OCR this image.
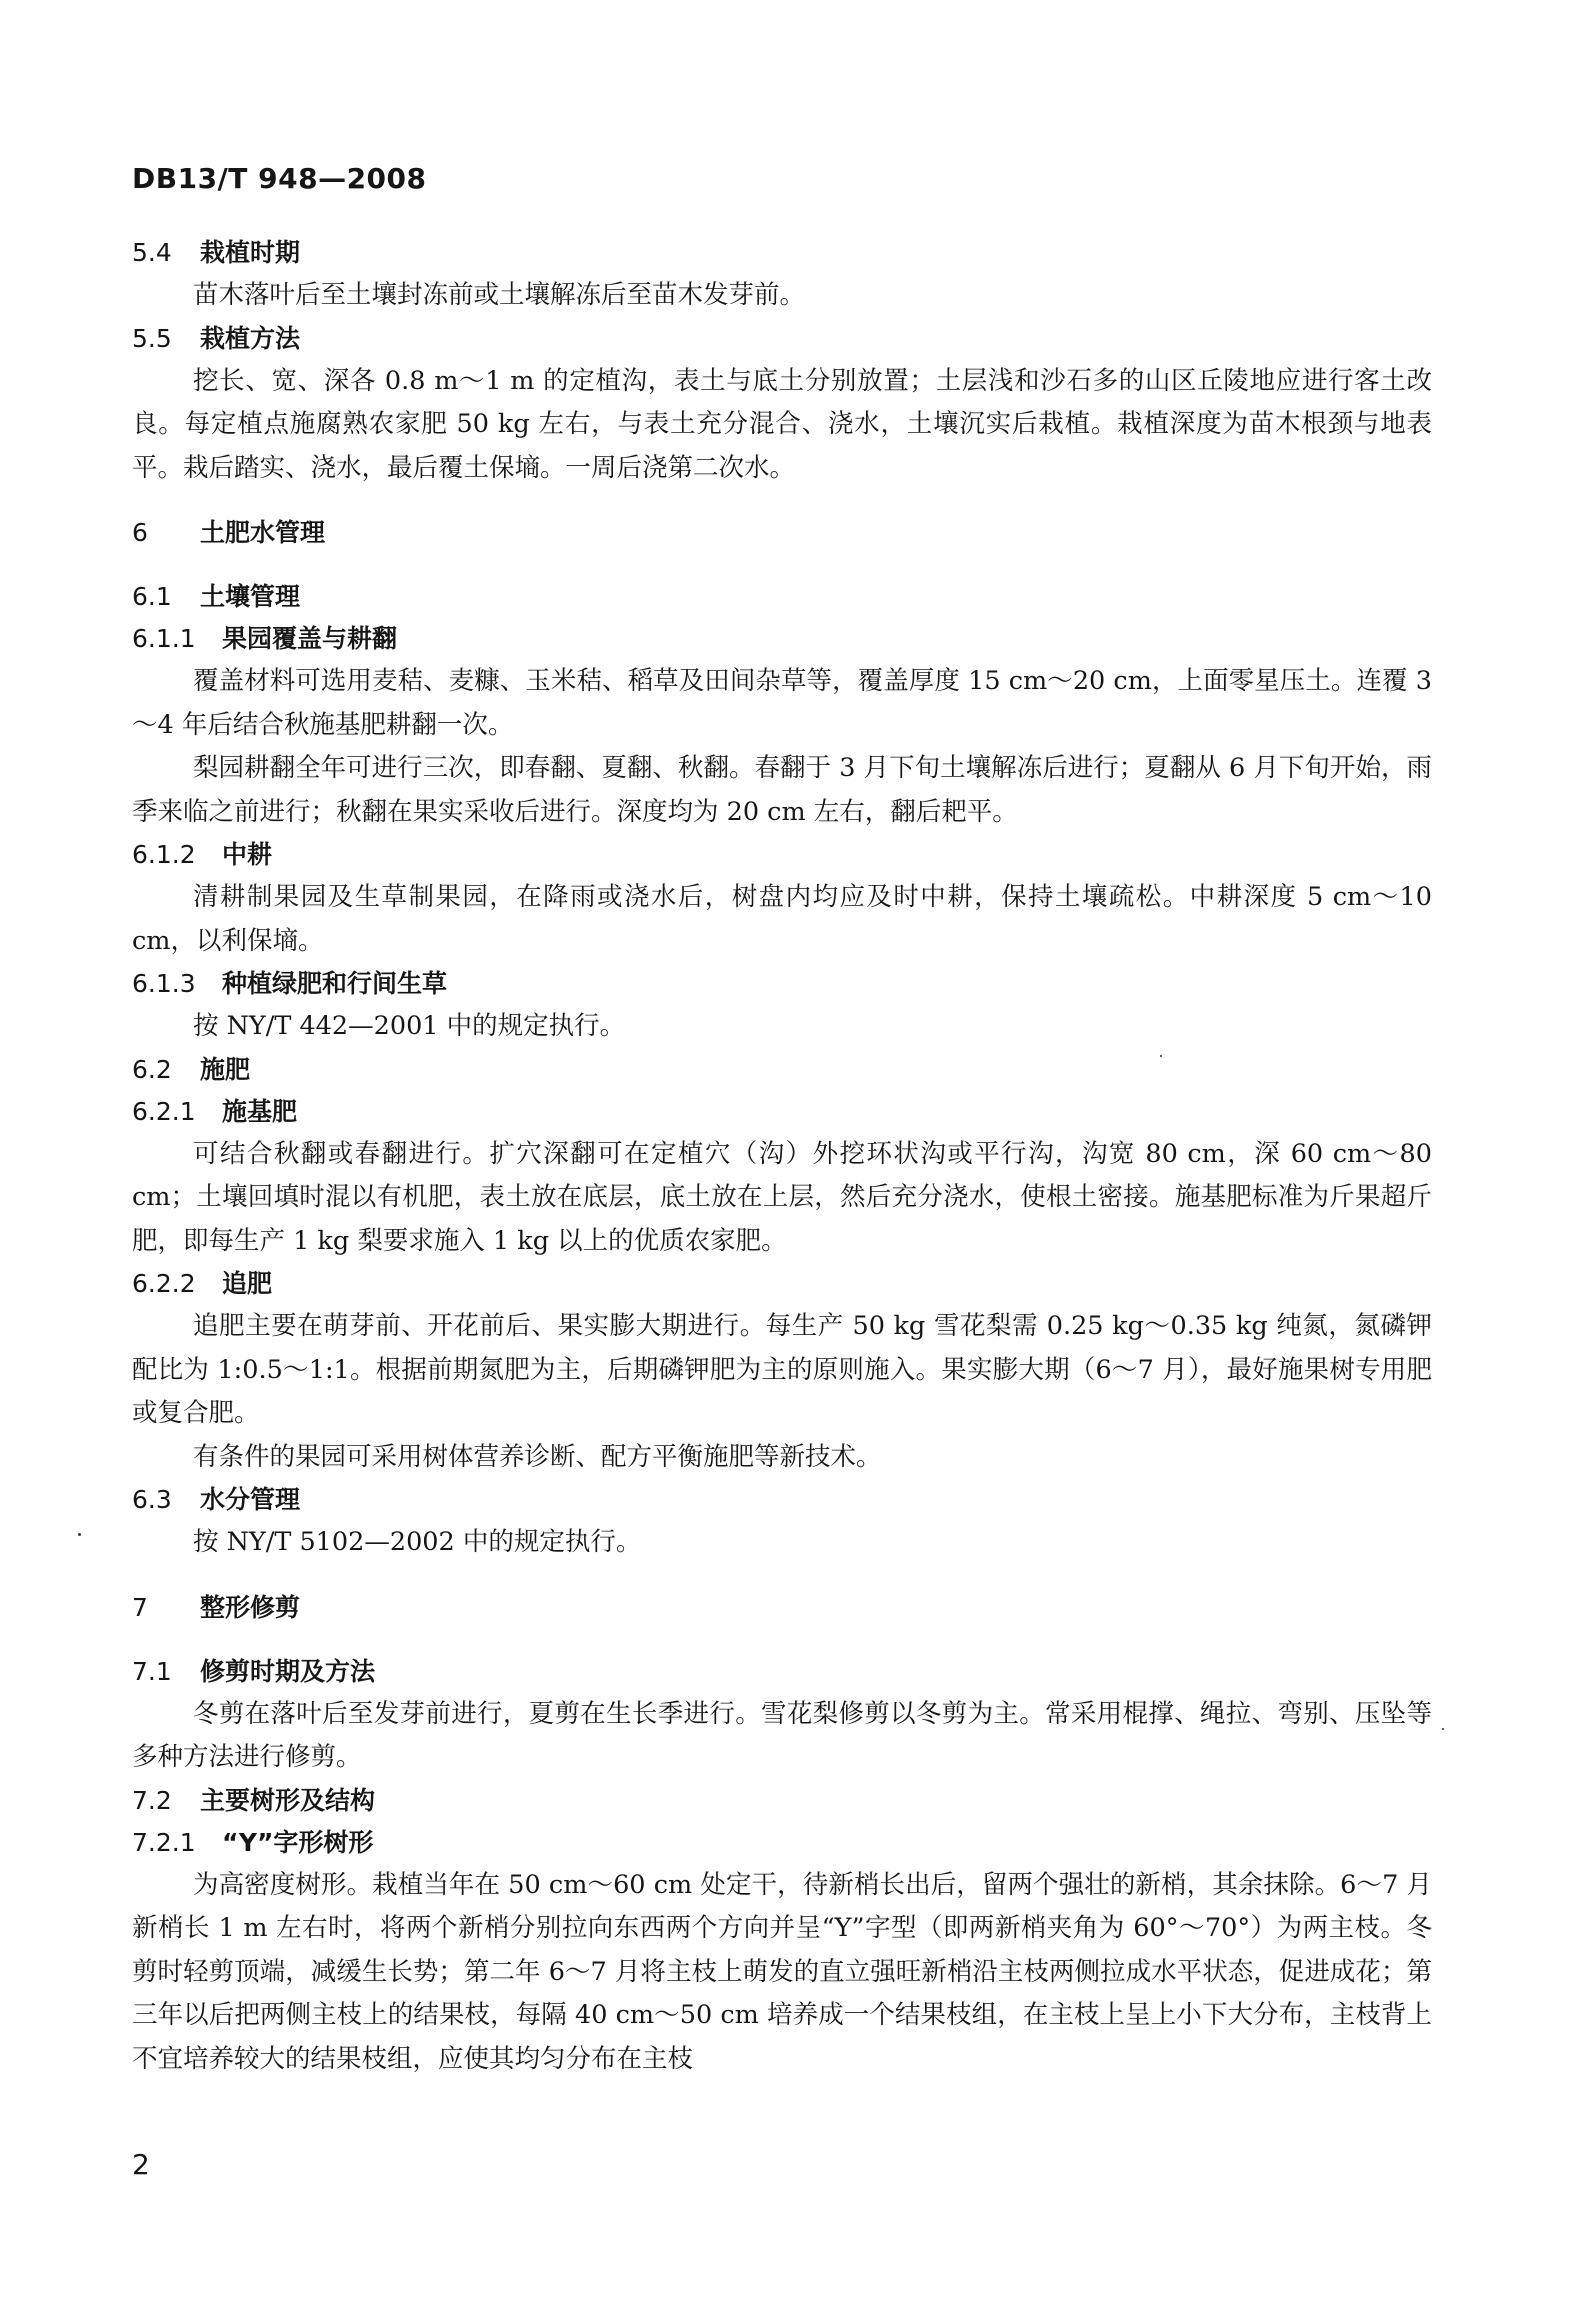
DB13/T 948—2008
5.4 栽植时期
苗木落叶后至土壤封冻前或土壤解冻后至苗木发芽前。
5.5 栽植方法
挖长、宽、深各 0.8 m～1 m 的定植沟，表土与底土分别放置；土层浅和沙石多的山区丘陵地应进行客土改良。每定植点施腐熟农家肥 50 kg 左右，与表土充分混合、浇水，土壤沉实后栽植。栽植深度为苗木根颈与地表平。栽后踏实、浇水，最后覆土保墒。一周后浇第二次水。
6 土肥水管理
6.1 土壤管理
6.1.1 果园覆盖与耕翻
覆盖材料可选用麦秸、麦糠、玉米秸、稻草及田间杂草等，覆盖厚度 15 cm～20 cm，上面零星压土。连覆 3～4 年后结合秋施基肥耕翻一次。
梨园耕翻全年可进行三次，即春翻、夏翻、秋翻。春翻于 3 月下旬土壤解冻后进行；夏翻从 6 月下旬开始，雨季来临之前进行；秋翻在果实采收后进行。深度均为 20 cm 左右，翻后耙平。
6.1.2 中耕
清耕制果园及生草制果园，在降雨或浇水后，树盘内均应及时中耕，保持土壤疏松。中耕深度 5 cm～10 cm，以利保墒。
6.1.3 种植绿肥和行间生草
按 NY/T 442—2001 中的规定执行。
6.2 施肥
6.2.1 施基肥
可结合秋翻或春翻进行。扩穴深翻可在定植穴（沟）外挖环状沟或平行沟，沟宽 80 cm，深 60 cm～80 cm；土壤回填时混以有机肥，表土放在底层，底土放在上层，然后充分浇水，使根土密接。施基肥标准为斤果超斤肥，即每生产 1 kg 梨要求施入 1 kg 以上的优质农家肥。
6.2.2 追肥
追肥主要在萌芽前、开花前后、果实膨大期进行。每生产 50 kg 雪花梨需 0.25 kg～0.35 kg 纯氮，氮磷钾配比为 1:0.5～1:1。根据前期氮肥为主，后期磷钾肥为主的原则施入。果实膨大期（6～7 月），最好施果树专用肥或复合肥。
有条件的果园可采用树体营养诊断、配方平衡施肥等新技术。
6.3 水分管理
按 NY/T 5102—2002 中的规定执行。
7 整形修剪
7.1 修剪时期及方法
冬剪在落叶后至发芽前进行，夏剪在生长季进行。雪花梨修剪以冬剪为主。常采用棍撑、绳拉、弯别、压坠等多种方法进行修剪。
7.2 主要树形及结构
7.2.1 “Y”字形树形
为高密度树形。栽植当年在 50 cm～60 cm 处定干，待新梢长出后，留两个强壮的新梢，其余抹除。6～7 月新梢长 1 m 左右时，将两个新梢分别拉向东西两个方向并呈“Y”字型（即两新梢夹角为 60°～70°）为两主枝。冬剪时轻剪顶端，减缓生长势；第二年 6～7 月将主枝上萌发的直立强旺新梢沿主枝两侧拉成水平状态，促进成花；第三年以后把两侧主枝上的结果枝，每隔 40 cm～50 cm 培养成一个结果枝组，在主枝上呈上小下大分布，主枝背上不宜培养较大的结果枝组，应使其均匀分布在主枝
2
